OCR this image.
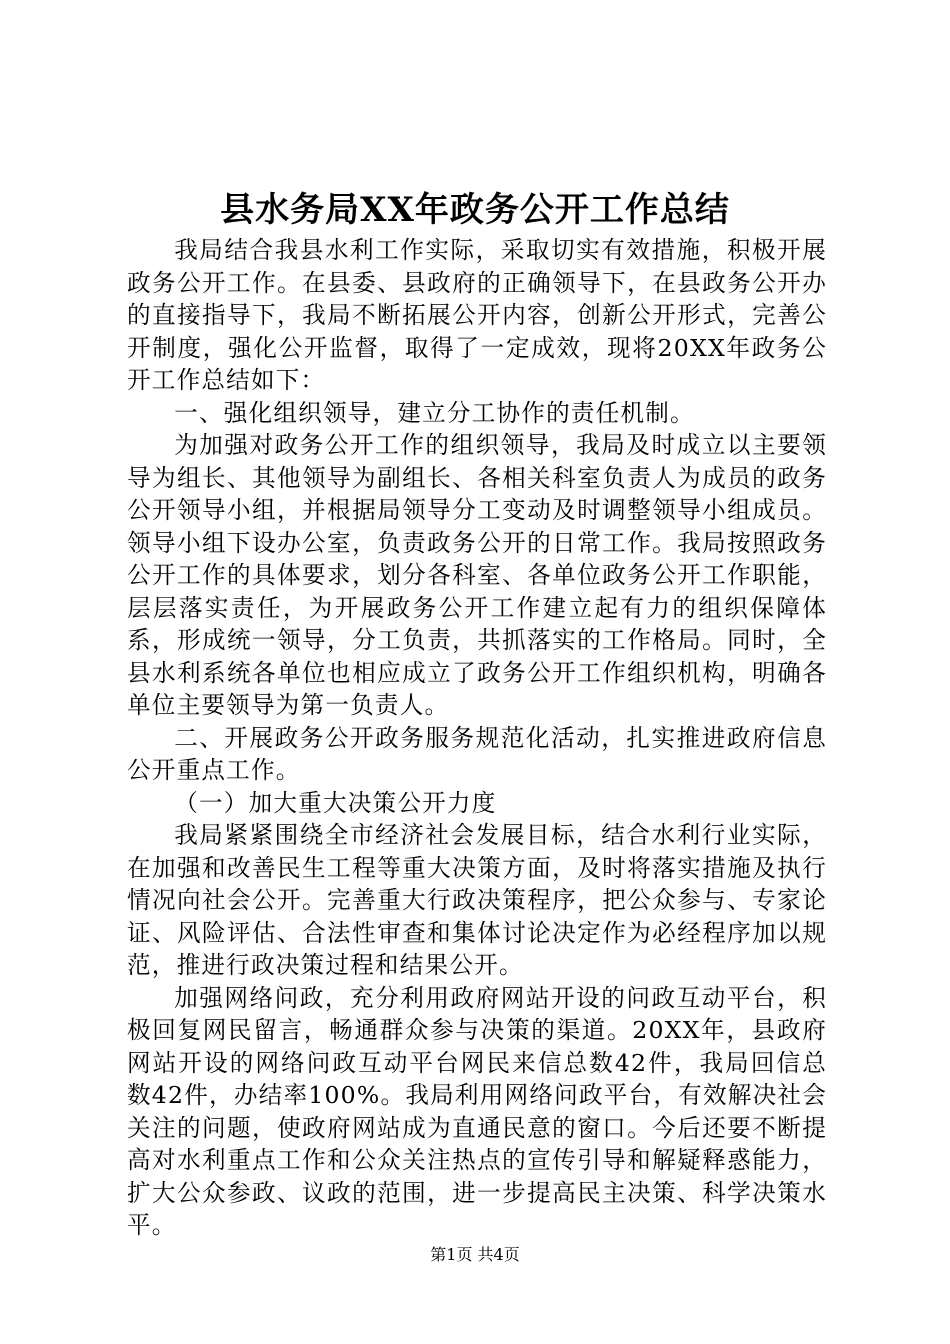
县水务局XX年政务公开工作总结

我局结合我县水利工作实际，采取切实有效措施，积极开展政务公开工作。在县委、县政府的正确领导下，在县政务公开办的直接指导下，我局不断拓展公开内容，创新公开形式，完善公开制度，强化公开监督，取得了一定成效，现将20XX年政务公开工作总结如下：

一、强化组织领导，建立分工协作的责任机制。

为加强对政务公开工作的组织领导，我局及时成立以主要领导为组长、其他领导为副组长、各相关科室负责人为成员的政务公开领导小组，并根据局领导分工变动及时调整领导小组成员。领导小组下设办公室，负责政务公开的日常工作。我局按照政务公开工作的具体要求，划分各科室、各单位政务公开工作职能，层层落实责任，为开展政务公开工作建立起有力的组织保障体系，形成统一领导，分工负责，共抓落实的工作格局。同时，全县水利系统各单位也相应成立了政务公开工作组织机构，明确各单位主要领导为第一负责人。

二、开展政务公开政务服务规范化活动，扎实推进政府信息公开重点工作。

（一）加大重大决策公开力度

我局紧紧围绕全市经济社会发展目标，结合水利行业实际，在加强和改善民生工程等重大决策方面，及时将落实措施及执行情况向社会公开。完善重大行政决策程序，把公众参与、专家论证、风险评估、合法性审查和集体讨论决定作为必经程序加以规范，推进行政决策过程和结果公开。

加强网络问政，充分利用政府网站开设的问政互动平台，积极回复网民留言，畅通群众参与决策的渠道。20XX年，县政府网站开设的网络问政互动平台网民来信总数42件，我局回信总数42件，办结率100%。我局利用网络问政平台，有效解决社会关注的问题，使政府网站成为直通民意的窗口。今后还要不断提高对水利重点工作和公众关注热点的宣传引导和解疑释惑能力，扩大公众参政、议政的范围，进一步提高民主决策、科学决策水平。

第1页 共4页
